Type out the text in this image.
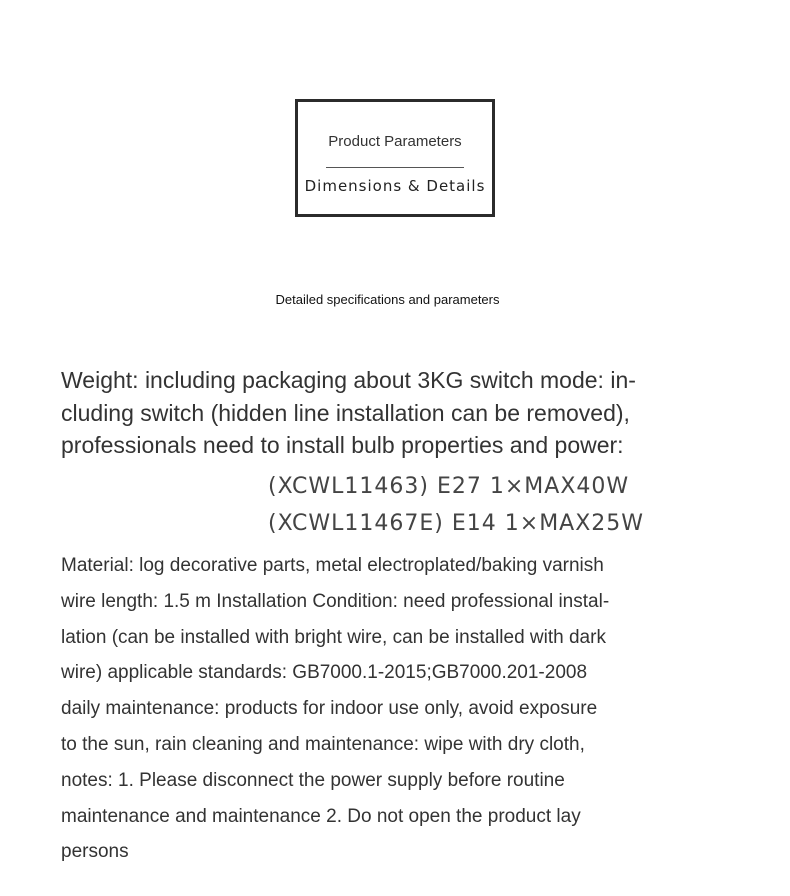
Product Parameters
Dimensions & Details
Detailed specifications and parameters
Weight: including packaging about 3KG switch mode: in-cluding switch (hidden line installation can be removed), professionals need to install bulb properties and power:
(XCWL11463) E27 1×MAX40W
(XCWL11467E) E14 1×MAX25W
Material: log decorative parts, metal electroplated/baking varnish
wire length: 1.5 m Installation Condition: need professional instal-
lation (can be installed with bright wire, can be installed with dark
wire) applicable standards: GB7000.1-2015;GB7000.201-2008
daily maintenance: products for indoor use only, avoid exposure
to the sun, rain cleaning and maintenance: wipe with dry cloth,
notes: 1. Please disconnect the power supply before routine
maintenance and maintenance 2. Do not open the product lay
persons
